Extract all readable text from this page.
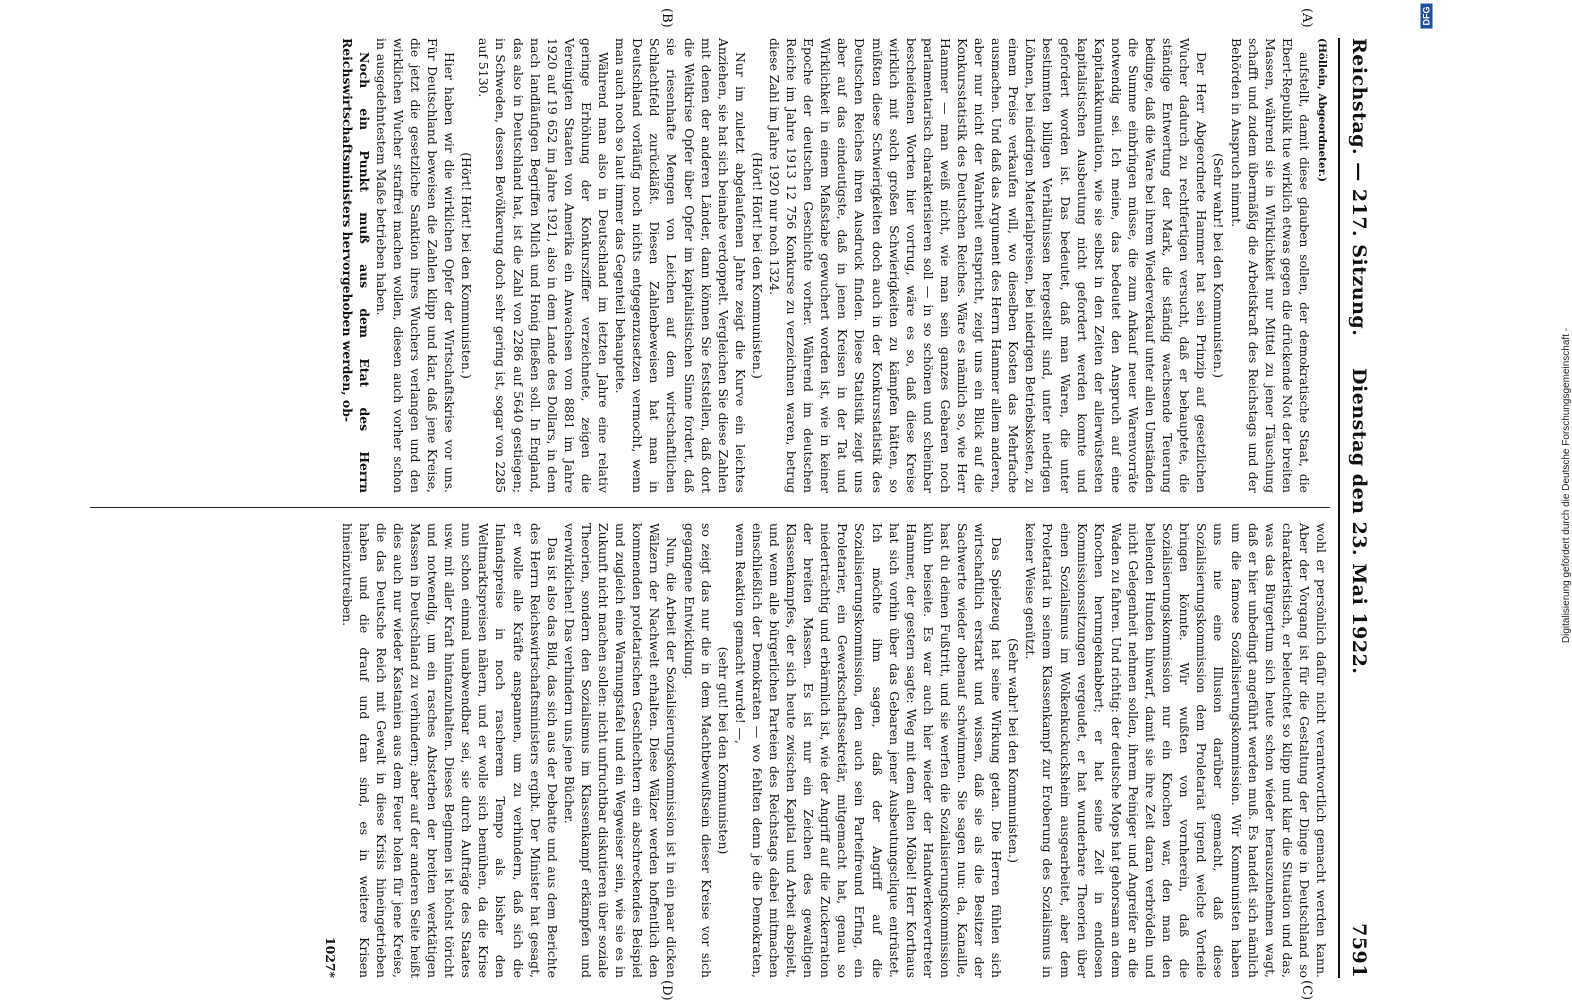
Reichstag. — 217. Sitzung.
Dienstag den 23. Mai 1922.
7591

(Höllein, Abgeordneter.)

aufstellt, damit diese glauben sollen, der demokratische Staat, die Ebert-Republik tue wirklich etwas gegen die drückende Not der breiten Massen, während sie in Wirklichkeit nur Mittel zu jener Täuschung schafft und zudem übermäßig die Arbeitskraft des Reichstags und der Behörden in Anspruch nimmt.

(Sehr wahr! bei den Kommunisten.)

Der Herr Abgeordnete Hammer hat sein Prinzip auf gesetzlichen Wucher dadurch zu rechtfertigen versucht, daß er behauptete, die ständige Entwertung der Mark, die ständig wachsende Teuerung bedinge, daß die Ware bei ihrem Wiederverkauf unter allen Umständen die Summe einbringen müsse, die zum Ankauf neuer Warenvorräte notwendig sei. Ich meine, das bedeutet den Anspruch auf eine Kapitalakkumulation, wie sie selbst in den Zeiten der allerwüstesten kapitalistischen Ausbeutung nicht gefordert werden konnte und gefordert worden ist. Das bedeutet, daß man Waren, die unter bestimmten billigen Verhältnissen hergestellt sind, unter niedrigen Löhnen, bei niedrigen Materialpreisen, bei niedrigen Betriebskosten, zu einem Preise verkaufen will, wo dieselben Kosten das Mehrfache ausmachen. Und daß das Argument des Herrn Hammer allem anderen, aber nur nicht der Wahrheit entspricht, zeigt uns ein Blick auf die Konkursstatistik des Deutschen Reiches. Wäre es nämlich so, wie Herr Hammer — man weiß nicht, wie man sein ganzes Gebaren noch parlamentarisch charakterisieren soll — in so schönen und scheinbar bescheidenen Worten hier vortrug, wäre es so, daß diese Kreise wirklich mit solch großen Schwierigkeiten zu kämpfen hätten, so müßten diese Schwierigkeiten doch auch in der Konkursstatistik des Deutschen Reiches ihren Ausdruck finden. Diese Statistik zeigt uns aber auf das eindeutigste, daß in jenen Kreisen in der Tat und Wirklichkeit in einem Maßstabe gewuchert worden ist, wie in keiner Epoche der deutschen Geschichte vorher. Während im deutschen Reiche im Jahre 1913 12 756 Konkurse zu verzeichnen waren, betrug diese Zahl im Jahre 1920 nur noch 1324.

(Hört! Hört! bei den Kommunisten.)

Nur im zuletzt abgelaufenen Jahre zeigt die Kurve ein leichtes Anziehen, sie hat sich beinahe verdoppelt. Vergleichen Sie diese Zahlen mit denen der anderen Länder, dann können Sie feststellen, daß dort die Weltkrise Opfer über Opfer im kapitalistischen Sinne fordert, daß sie riesenhafte Mengen von Leichen auf dem wirtschaftlichen Schlachtfeld zurückläßt. Diesen Zahlenbeweisen hat man in Deutschland vorläufig noch nichts entgegenzusetzen vermocht, wenn man auch noch so laut immer das Gegenteil behauptete.

Während man also in Deutschland im letzten Jahre eine relativ geringe Erhöhung der Konkursziffer verzeichnete, zeigen die Vereinigten Staaten von Amerika ein Anwachsen von 8881 im Jahre 1920 auf 19 652 im Jahre 1921, also in dem Lande des Dollars, in dem nach landläufigen Begriffen Milch und Honig fließen soll. In England, das also in Deutschland hat, ist die Zahl von 2286 auf 5640 gestiegen; in Schweden, dessen Bevölkerung doch sehr gering ist, sogar von 2285 auf 5130.

(Hört! Hört! bei den Kommunisten.)

Hier haben wir die wirklichen Opfer der Wirtschaftskrise vor uns. Für Deutschland beweisen die Zahlen klipp und klar, daß jene Kreise, die jetzt die gesetzliche Sanktion ihres Wuchers verlangen und den wirklichen Wucher straffrei machen wollen, diesen auch vorher schon in ausgedehntestem Maße betrieben haben.

Noch ein Punkt muß aus dem Etat des Herrn Reichswirtschaftsministers hervorgehoben werden, ob-

wohl er persönlich dafür nicht verantwortlich gemacht werden kann. Aber der Vorgang ist für die Gestaltung der Dinge in Deutschland so charakteristisch, er beleuchtet so klipp und klar die Situation und das, was das Bürgertum sich heute schon wieder herauszunehmen wagt, daß er hier unbedingt angeführt werden muß. Es handelt sich nämlich um die famose Sozialisierungskommission. Wir Kommunisten haben uns nie eine Illusion darüber gemacht, daß diese Sozialisierungskommission dem Proletariat irgend welche Vorteile bringen könnte. Wir wußten von vornherein, daß die Sozialisierungskommission nur ein Knochen war, den man den bellenden Hunden hinwarf, damit sie ihre Zeit daran verbrödeln und nicht Gelegenheit nehmen sollen, ihrem Peiniger und Angreifer an die Waden zu fahren. Und richtig: der deutsche Mops hat gehorsam an dem Knochen herumgeknabbert; er hat seine Zeit in endlosen Kommissionssitzungen vergeudet, er hat wunderbare Theorien über einen Sozialismus im Wolkenkuckucksheim ausgearbeitet, aber dem Proletariat in seinem Klassenkampf zur Eroberung des Sozialismus in keiner Weise genützt.

(Sehr wahr! bei den Kommunisten.)

Das Spielzeug hat seine Wirkung getan. Die Herren fühlen sich wirtschaftlich erstarkt und wissen, daß sie als die Besitzer der Sachwerte wieder obenauf schwimmen. Sie sagen nun: da, Kanaille, hast du deinen Fußtritt, und sie werfen die Sozialisierungskommission kühn beiseite. Es war auch hier wieder der Handwerkervertreter Hammer, der gestern sagte: Weg mit dem alten Möbel! Herr Korthaus hat sich vorhin über das Gebaren jener Ausbeutungsclique entrüstet. Ich möchte ihm sagen, daß der Angriff auf die Sozialisierungskommission, den auch sein Parteifreund Erfing, ein Proletarier, ein Gewerkschaftssekretär, mitgemacht hat, genau so niederträchtig und erbärmlich ist, wie der Angriff auf die Zuckerration der breiten Massen. Es ist nur ein Zeichen des gewaltigen Klassenkampfes, der sich heute zwischen Kapital und Arbeit abspielt, und wenn alle bürgerlichen Parteien des Reichstags dabei mitmachen einschließlich der Demokraten — wo fehlten denn je die Demokraten, wenn Reaktion gemacht wurde! —,

(sehr gut! bei den Kommunisten)

so zeigt das nur die in dem Machtbewußtsein dieser Kreise vor sich gegangene Entwicklung.

Nun, die Arbeit der Sozialisierungskommission ist in ein paar dicken Wälzern der Nachwelt erhalten. Diese Wälzer werden hoffentlich den kommenden proletarischen Geschlechtern ein abschreckendes Beispiel und zugleich eine Warnungstafel und ein Wegweiser sein, wie sie es in Zukunft nicht machen sollen: nicht unfruchtbar diskutieren über soziale Theorien, sondern den Sozialismus im Klassenkampf erkämpfen und verwirklichen! Das verhindern uns jene Bücher.

Das ist also das Bild, das sich aus der Debatte und aus dem Berichte des Herrn Reichswirtschaftsministers ergibt. Der Minister hat gesagt, er wolle alle Kräfte anspannen, um zu verhindern, daß sich die Inlandspreise in noch rascherem Tempo als bisher den Weltmarktspreisen nähern, und er wolle sich bemühen, da die Krise nun schon einmal unabwendbar sei, sie durch Aufträge des Staates usw. mit aller Kraft hintanzuhalten. Dieses Beginnen ist höchst töricht und notwendig, um ein rasches Absterben der breiten werktätigen Massen in Deutschland zu verhindern; aber auf der anderen Seite heißt dies auch nur wieder Kastanien aus dem Feuer holen für jene Kreise, die das Deutsche Reich mit Gewalt in diese Krisis hineingetrieben haben und die drauf und dran sind, es in weitere Krisen hineinzutreiben.

1027*

(A)
(B)
(C)
(D)
Digitalisierung gefördert durch die Deutsche Forschungsgemeinschaft -
DFG
